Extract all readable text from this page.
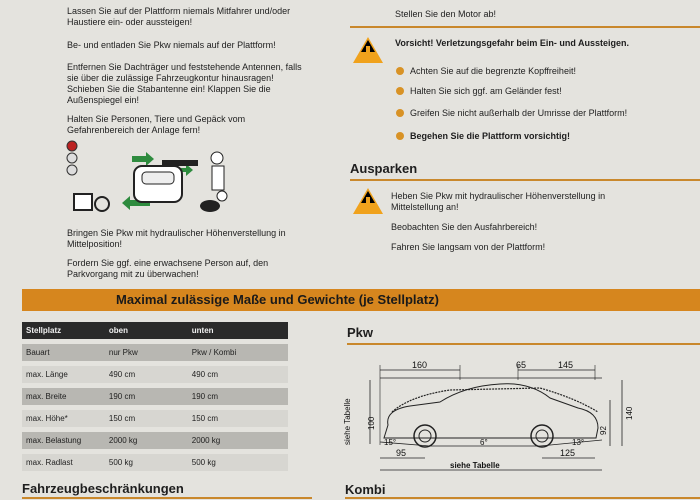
Lassen Sie auf der Plattform niemals Mitfahrer und/oder Haustiere ein- oder aussteigen!
Be- und entladen Sie Pkw niemals auf der Plattform!
Entfernen Sie Dachträger und feststehende Antennen, falls sie über die zulässige Fahrzeugkontur hinausragen! Schieben Sie die Stabantenne ein! Klappen Sie die Außenspiegel ein!
Halten Sie Personen, Tiere und Gepäck vom Gefahrenbereich der Anlage fern!
Bringen Sie Pkw mit hydraulischer Höhenverstellung in Mittelposition!
Fordern Sie ggf. eine erwachsene Person auf, den Parkvorgang mit zu überwachen!
Stellen Sie den Motor ab!
Vorsicht! Verletzungsgefahr beim Ein- und Aussteigen.
Achten Sie auf die begrenzte Kopffreiheit!
Halten Sie sich ggf. am Geländer fest!
Greifen Sie nicht außerhalb der Umrisse der Plattform!
Begehen Sie die Plattform vorsichtig!
Ausparken
Heben Sie Pkw mit hydraulischer Höhenverstellung in Mittelstellung an!
Beobachten Sie den Ausfahrbereich!
Fahren Sie langsam von der Plattform!
Maximal zulässige Maße und Gewichte (je Stellplatz)
Stellplatz	oben	unten
Bauart	nur Pkw	Pkw / Kombi
max. Länge	490 cm	490 cm
max. Breite	190 cm	190 cm
max. Höhe*	150 cm	150 cm
max. Belastung	2000 kg	2000 kg
max. Radlast	500 kg	500 kg
Pkw
160	65	145
15°	6°	13°
siehe Tabelle 100
92
140
95	125
siehe Tabelle
Fahrzeugbeschränkungen	Kombi
